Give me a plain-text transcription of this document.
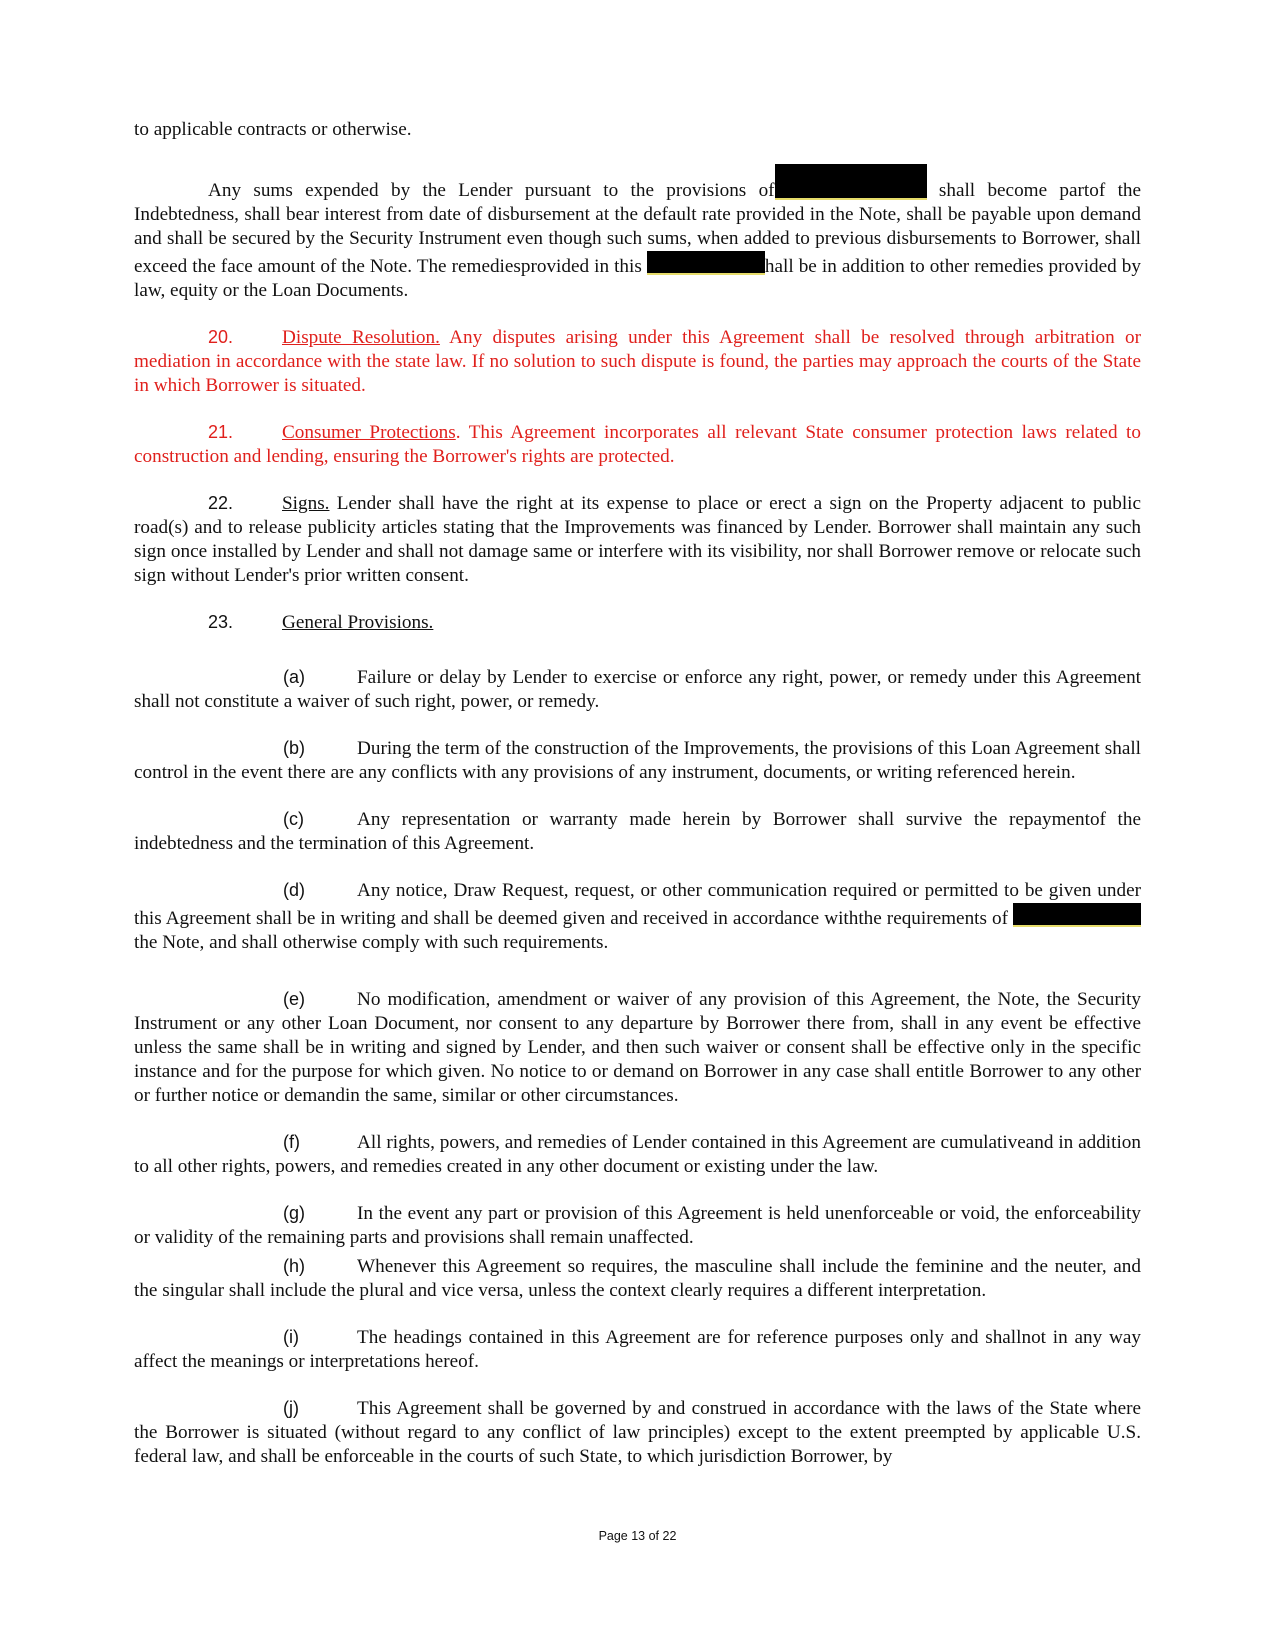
to applicable contracts or otherwise.

Any sums expended by the Lender pursuant to the provisions of	shall become partof the Indebtedness, shall bear interest from date of disbursement at the default rate provided in the Note, shall be payable upon demand and shall be secured by the Security Instrument even though such sums, when added to previous disbursements to Borrower, shall exceed the face amount of the Note. The remediesprovided in this	hall be in addition to other remedies provided by law, equity or the Loan Documents.

20.	Dispute Resolution. Any disputes arising under this Agreement shall be resolved through arbitration or mediation in accordance with the state law. If no solution to such dispute is found, the parties may approach the courts of the State in which Borrower is situated.

21.	Consumer Protections. This Agreement incorporates all relevant State consumer protection laws related to construction and lending, ensuring the Borrower's rights are protected.

22.	Signs. Lender shall have the right at its expense to place or erect a sign on the Property adjacent to public road(s) and to release publicity articles stating that the Improvements was financed by Lender. Borrower shall maintain any such sign once installed by Lender and shall not damage same or interfere with its visibility, nor shall Borrower remove or relocate such sign without Lender's prior written consent.

23.	General Provisions.

(a)	Failure or delay by Lender to exercise or enforce any right, power, or remedy under this Agreement shall not constitute a waiver of such right, power, or remedy.

(b)	During the term of the construction of the Improvements, the provisions of this Loan Agreement shall control in the event there are any conflicts with any provisions of any instrument, documents, or writing referenced herein.

(c)	Any representation or warranty made herein by Borrower shall survive the repaymentof the indebtedness and the termination of this Agreement.

(d)	Any notice, Draw Request, request, or other communication required or permitted to be given under this Agreement shall be in writing and shall be deemed given and received in accordance withthe requirements of  the Note, and shall otherwise comply with such requirements.

(e)	No modification, amendment or waiver of any provision of this Agreement, the Note, the Security Instrument or any other Loan Document, nor consent to any departure by Borrower there from, shall in any event be effective unless the same shall be in writing and signed by Lender, and then such waiver or consent shall be effective only in the specific instance and for the purpose for which given. No notice to or demand on Borrower in any case shall entitle Borrower to any other or further notice or demandin the same, similar or other circumstances.

(f)	All rights, powers, and remedies of Lender contained in this Agreement are cumulativeand in addition to all other rights, powers, and remedies created in any other document or existing under the law.

(g)	In the event any part or provision of this Agreement is held unenforceable or void, the enforceability or validity of the remaining parts and provisions shall remain unaffected.

(h)	Whenever this Agreement so requires, the masculine shall include the feminine and the neuter, and the singular shall include the plural and vice versa, unless the context clearly requires a different interpretation.

(i)	The headings contained in this Agreement are for reference purposes only and shallnot in any way affect the meanings or interpretations hereof.

(j)	This Agreement shall be governed by and construed in accordance with the laws of the State where the Borrower is situated (without regard to any conflict of law principles) except to the extent preempted by applicable U.S. federal law, and shall be enforceable in the courts of such State, to which jurisdiction Borrower, by

Page 13 of 22
